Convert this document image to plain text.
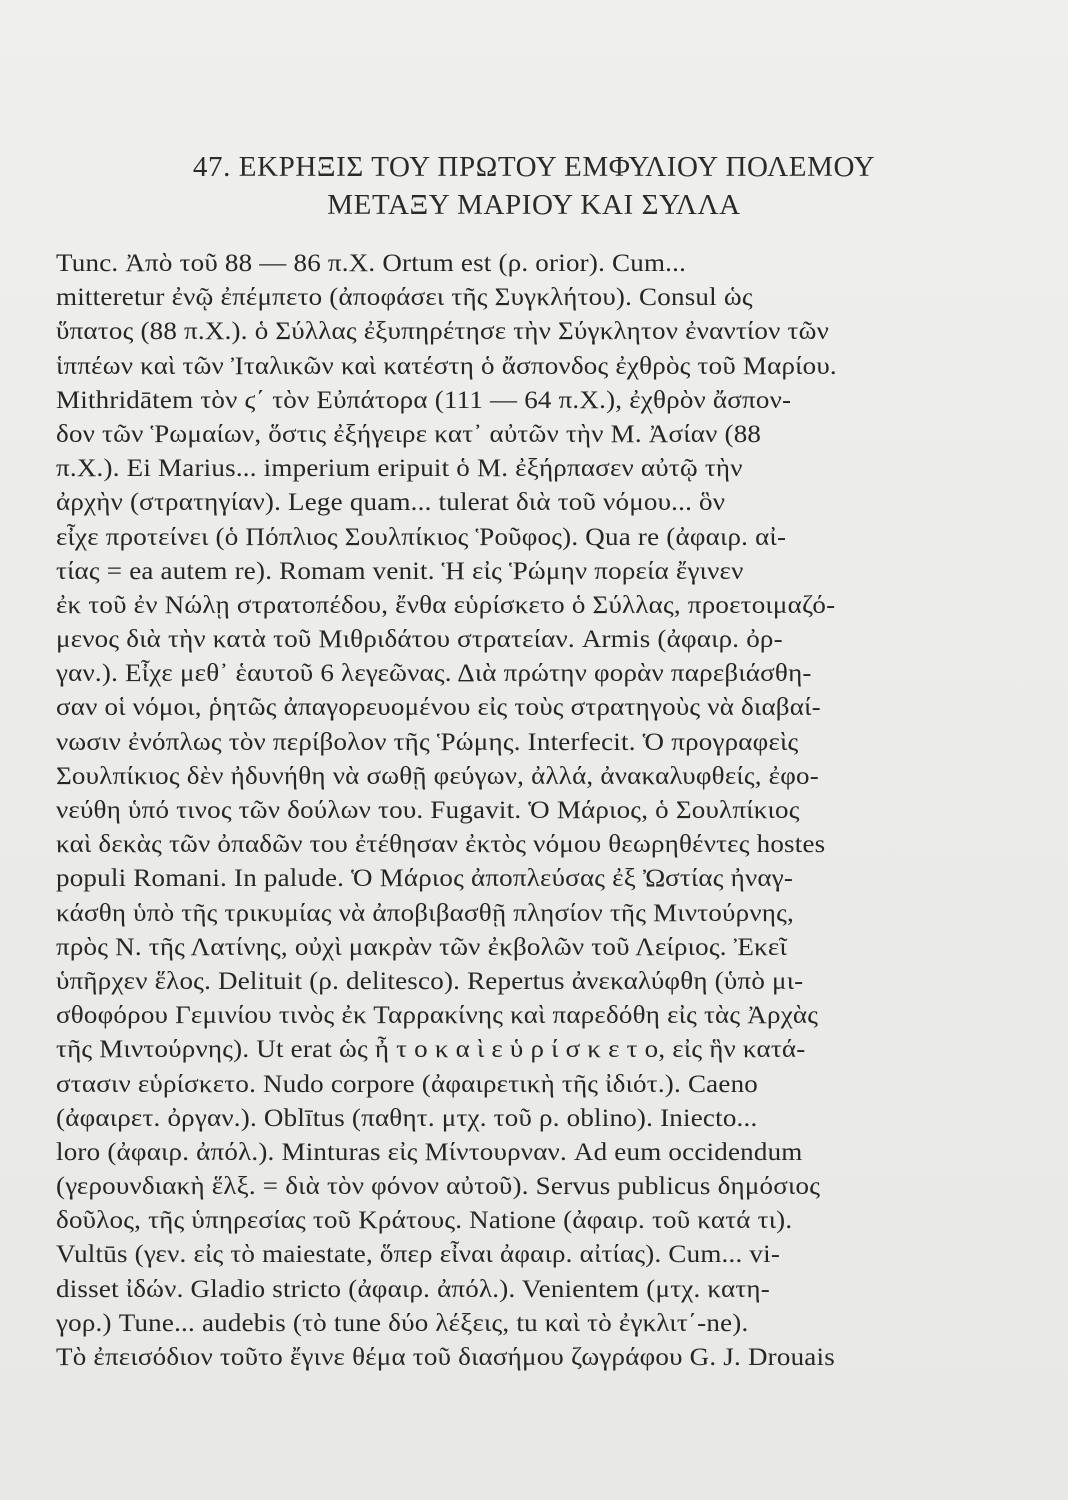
47. ΕΚΡΗΞΙΣ ΤΟΥ ΠΡΩΤΟΥ ΕΜΦΥΛΙΟΥ ΠΟΛΕΜΟΥ
ΜΕΤΑΞΥ ΜΑΡΙΟΥ ΚΑΙ ΣΥΛΛΑ
Tunc. Ἀπὸ τοῦ 88 — 86 π.Χ. Ortum est (ρ. orior). Cum...
mitteretur ἐνῷ ἐπέμπετο (ἀποφάσει τῆς Συγκλήτου). Consul ὡς
ὕπατος (88 π.Χ.). ὁ Σύλλας ἐξυπηρέτησε τὴν Σύγκλητον ἐναντίον τῶν
ἱππέων καὶ τῶν Ἰταλικῶν καὶ κατέστη ὁ ἄσπονδος ἐχθρὸς τοῦ Μαρίου.
Mithridātem τὸν ϛ΄ τὸν Εὐπάτορα (111 — 64 π.Χ.), ἐχθρὸν ἄσπον-
δον τῶν Ῥωμαίων, ὅστις ἐξήγειρε κατ᾿ αὐτῶν τὴν Μ. Ἀσίαν (88
π.Χ.). Ei Marius... imperium eripuit ὁ Μ. ἐξήρπασεν αὐτῷ τὴν
ἀρχὴν (στρατηγίαν). Lege quam... tulerat διὰ τοῦ νόμου... ὃν
εἶχε προτείνει (ὁ Πόπλιος Σουλπίκιος Ῥοῦφος). Qua re (ἀφαιρ. αἰ-
τίας = ea autem re). Romam venit. Ἡ εἰς Ῥώμην πορεία ἔγινεν
ἐκ τοῦ ἐν Νώλῃ στρατοπέδου, ἔνθα εὑρίσκετο ὁ Σύλλας, προετοιμαζό-
μενος διὰ τὴν κατὰ τοῦ Μιθριδάτου στρατείαν. Armis (ἀφαιρ. ὀρ-
γαν.). Εἶχε μεθ᾿ ἑαυτοῦ 6 λεγεῶνας. Διὰ πρώτην φορὰν παρεβιάσθη-
σαν οἱ νόμοι, ῥητῶς ἀπαγορευομένου εἰς τοὺς στρατηγοὺς νὰ διαβαί-
νωσιν ἐνόπλως τὸν περίβολον τῆς Ῥώμης. Interfecit. Ὁ προγραφεὶς
Σουλπίκιος δὲν ἠδυνήθη νὰ σωθῇ φεύγων, ἀλλά, ἀνακαλυφθείς, ἐφο-
νεύθη ὑπό τινος τῶν δούλων του. Fugavit. Ὁ Μάριος, ὁ Σουλπίκιος
καὶ δεκὰς τῶν ὀπαδῶν του ἐτέθησαν ἐκτὸς νόμου θεωρηθέντες hostes
populi Romani. In palude. Ὁ Μάριος ἀποπλεύσας ἐξ Ὠστίας ἠναγ-
κάσθη ὑπὸ τῆς τρικυμίας νὰ ἀποβιβασθῇ πλησίον τῆς Μιντούρνης,
πρὸς Ν. τῆς Λατίνης, οὐχὶ μακρὰν τῶν ἐκβολῶν τοῦ Λείριος. Ἐκεῖ
ὑπῆρχεν ἕλος. Delituit (ρ. delitesco). Repertus ἀνεκαλύφθη (ὑπὸ μι-
σθοφόρου Γεμινίου τινὸς ἐκ Ταρρακίνης καὶ παρεδόθη εἰς τὰς Ἀρχὰς
τῆς Μιντούρνης). Ut erat ὡς ἦ τ ο κ α ὶ ε ὑ ρ ί σ κ ε τ ο, εἰς ἣν κατά-
στασιν εὑρίσκετο. Nudo corpore (ἀφαιρετικὴ τῆς ἰδιότ.). Caeno
(ἀφαιρετ. ὀργαν.). Oblītus (παθητ. μτχ. τοῦ ρ. oblino). Iniecto...
loro (ἀφαιρ. ἀπόλ.). Minturas εἰς Μίντουρναν. Ad eum occidendum
(γερουνδιακὴ ἕλξ. = διὰ τὸν φόνον αὐτοῦ). Servus publicus δημόσιος
δοῦλος, τῆς ὑπηρεσίας τοῦ Κράτους. Natione (ἀφαιρ. τοῦ κατά τι).
Vultūs (γεν. εἰς τὸ maiestate, ὅπερ εἶναι ἀφαιρ. αἰτίας). Cum... vi-
disset ἰδών. Gladio stricto (ἀφαιρ. ἀπόλ.). Venientem (μτχ. κατη-
γορ.) Tune... audebis (τὸ tune δύο λέξεις, tu καὶ τὸ ἐγκλιτ΄-ne).
Τὸ ἐπεισόδιον τοῦτο ἔγινε θέμα τοῦ διασήμου ζωγράφου G. J. Drouais
